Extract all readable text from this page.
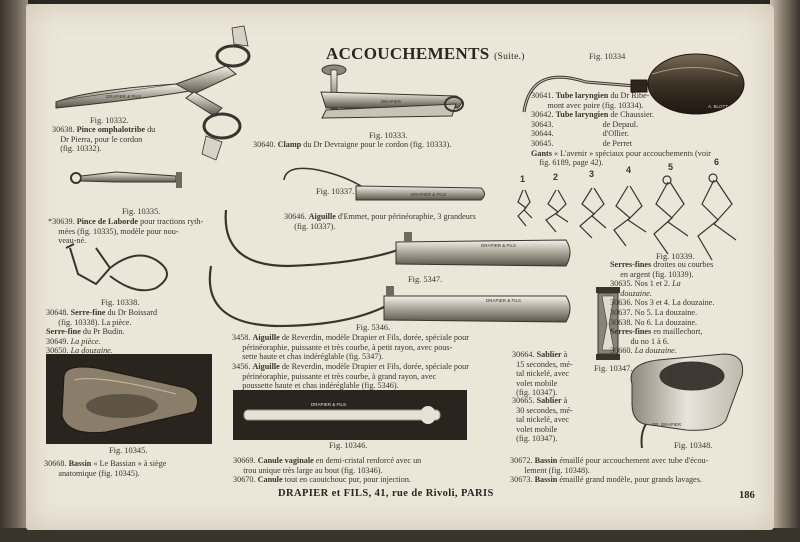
DRAPIER & FILS
DRAPIER
A. BLOTT
DRAPIER & FILS
DRAPIER & FILS
DRAPIER & FILS
DRAPIER & FILS
DR. DRAPIER
ACCOUCHEMENTS (Suite.)
Fig. 10332.
Fig. 10333.
Fig. 10334
Fig. 10335.
Fig. 10337.
Fig. 10339.
Fig. 10338.
Fig. 5347.
Fig. 5346.
Fig. 10347.
Fig. 10345.
Fig. 10346.	Fig. 10348.
1	2	3	4	5	6
30638. Pince omphalotribe du
Dr Pierra, pour le cordon
(fig. 10332).	30640. Clamp du Dr Devraigne pour le cordon (fig. 10333).
30641. Tube laryngien du Dr Ribe-
mont avec poire (fig. 10334).
30642. Tube laryngien de Chaussier.
30643.	de Depaul.
30644.	d'Ollier.
30645.	de Perret
Gants « L'avenir » spéciaux pour accouchements (voir
fig. 6189, page 42).
*30639. Pince de Laborde pour tractions ryth-
mées (fig. 10335), modèle pour nou-
veau-né.
30646. Aiguille d'Emmet, pour périnéoraphie, 3 grandeurs
(fig. 10337).
Serres-fines droites ou courbes
en argent (fig. 10339).
30635. Nos 1 et 2. La
douzaine.
30636. Nos 3 et 4. La douzaine.
30637. No 5. La douzaine.
30638. No 6. La douzaine.
Serres-fines en maillechort,
du no 1 à 6.
30660. La douzaine.
30648. Serre-fine du Dr Boissard
(fig. 10338). La pièce.
Serre-fine du Pr Budin.
30649. La pièce.
30650. La douzaine.
3458. Aiguille de Reverdin, modèle Drapier et Fils, dorée, spéciale pour
périnéoraphie, puissante et très courbe, à petit rayon, avec pous-
sette haute et chas indéréglable (fig. 5347).
3456. Aiguille de Reverdin, modèle Drapier et Fils, dorée, spéciale pour
périnéoraphie, puissante et très courbe, à grand rayon, avec
poussette haute et chas indéréglable (fig. 5346).
30664. Sablier à
15 secondes, mé-
tal nickelé, avec
volet mobile
(fig. 10347).
30665. Sablier à
30 secondes, mé-
tal nickelé, avec
volet mobile
(fig. 10347).
30668. Bassin « Le Bassian » à siège
anatomique (fig. 10345).
30669. Canule vaginale en demi-cristal renforcé avec un
trou unique très large au bout (fig. 10346).
30670. Canule tout en caoutchouc pur, pour injection.
30672. Bassin émaillé pour accouchement avec tube d'écou-
lement (fig. 10348).
30673. Bassin émaillé grand modèle, pour grands lavages.
DRAPIER et FILS, 41, rue de Rivoli, PARIS	186
